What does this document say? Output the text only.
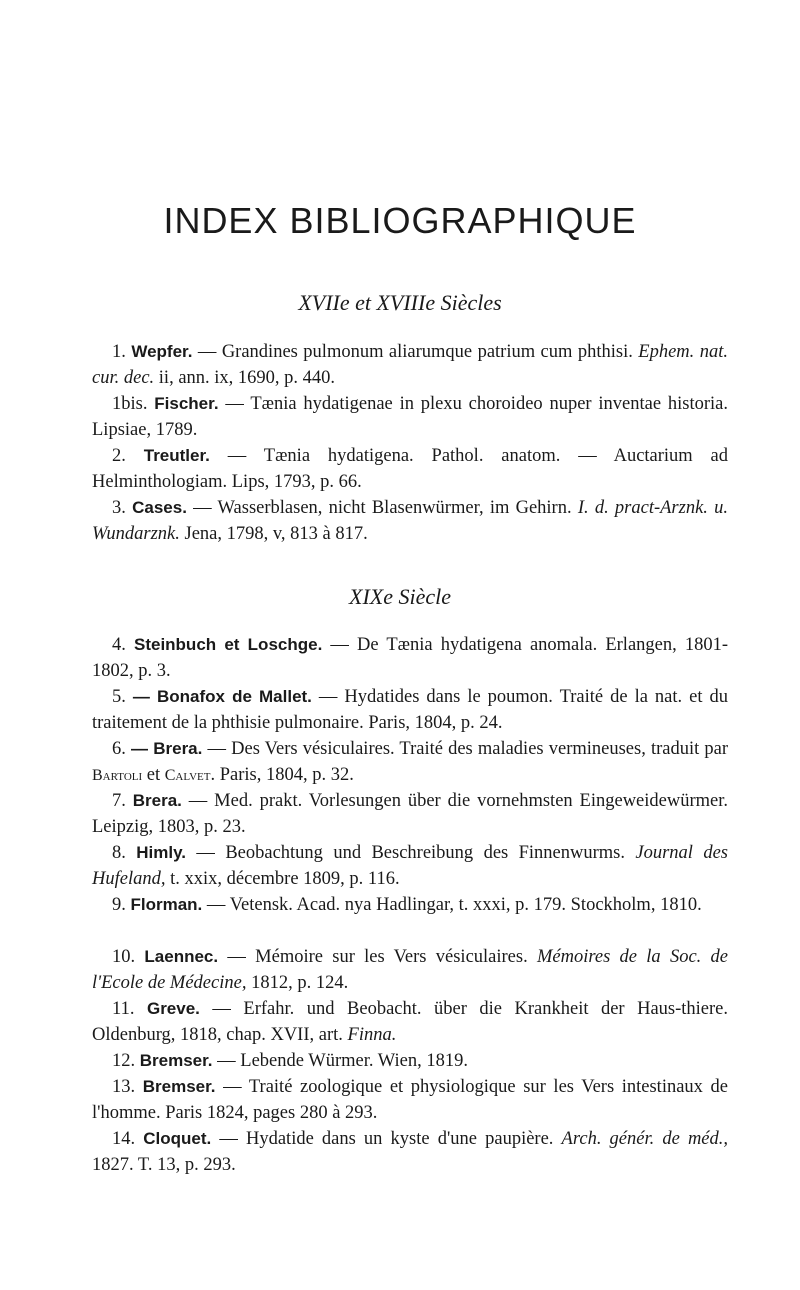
INDEX BIBLIOGRAPHIQUE
XVIIe et XVIIIe Siècles
1. Wepfer. — Grandines pulmonum aliarumque patrium cum phthisi. Ephem. nat. cur. dec. ii, ann. ix, 1690, p. 440.
1bis. Fischer. — Tænia hydatigenae in plexu choroideo nuper inventae historia. Lipsiae, 1789.
2. Treutler. — Tænia hydatigena. Pathol. anatom. — Auctarium ad Helminthologiam. Lips, 1793, p. 66.
3. Cases. — Wasserblasen, nicht Blasenwürmer, im Gehirn. I. d. pract-Arznk. u. Wundarznk. Jena, 1798, v, 813 à 817.
XIXe Siècle
4. Steinbuch et Loschge. — De Tænia hydatigena anomala. Erlangen, 1801-1802, p. 3.
5. — Bonafox de Mallet. — Hydatides dans le poumon. Traité de la nat. et du traitement de la phthisie pulmonaire. Paris, 1804, p. 24.
6. — Brera. — Des Vers vésiculaires. Traité des maladies vermineuses, traduit par Bartoli et Calvet. Paris, 1804, p. 32.
7. Brera. — Med. prakt. Vorlesungen über die vornehmsten Eingeweidewürmer. Leipzig, 1803, p. 23.
8. Himly. — Beobachtung und Beschreibung des Finnenwurms. Journal des Hufeland, t. xxix, décembre 1809, p. 116.
9. Florman. — Vetensk. Acad. nya Hadlingar, t. xxxi, p. 179. Stockholm, 1810.
10. Laennec. — Mémoire sur les Vers vésiculaires. Mémoires de la Soc. de l'Ecole de Médecine, 1812, p. 124.
11. Greve. — Erfahr. und Beobacht. über die Krankheit der Haus-thiere. Oldenburg, 1818, chap. XVII, art. Finna.
12. Bremser. — Lebende Würmer. Wien, 1819.
13. Bremser. — Traité zoologique et physiologique sur les Vers intestinaux de l'homme. Paris 1824, pages 280 à 293.
14. Cloquet. — Hydatide dans un kyste d'une paupière. Arch. génér. de méd., 1827. T. 13, p. 293.
